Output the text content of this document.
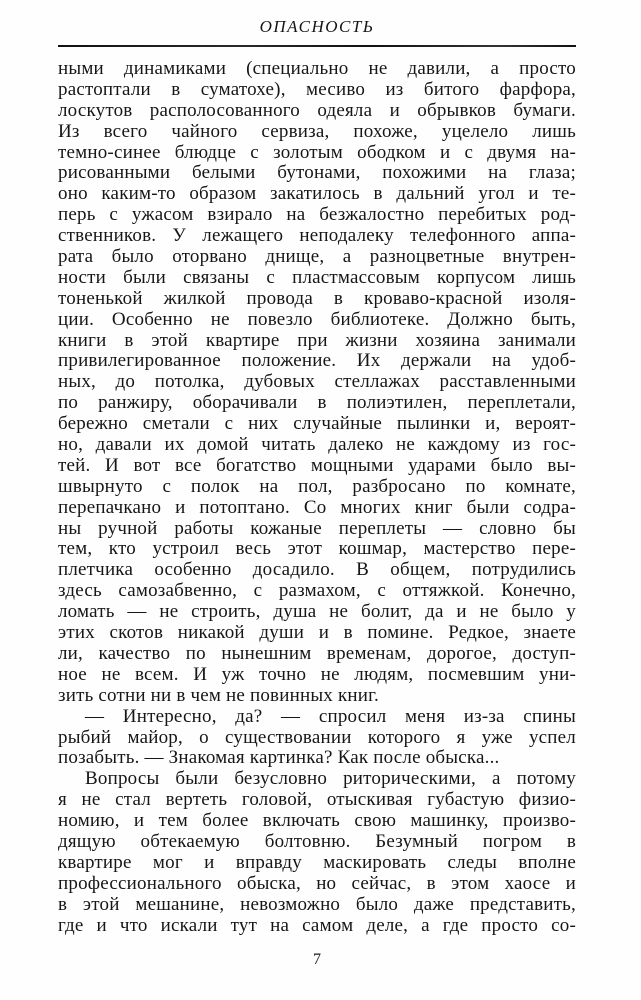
ОПАСНОСТЬ
ными динамиками (специально не давили, а просто
растоптали в суматохе), месиво из битого фарфора,
лоскутов располосованного одеяла и обрывков бумаги.
Из всего чайного сервиза, похоже, уцелело лишь
темно-синее блюдце с золотым ободком и с двумя на-
рисованными белыми бутонами, похожими на глаза;
оно каким-то образом закатилось в дальний угол и те-
перь с ужасом взирало на безжалостно перебитых род-
ственников. У лежащего неподалеку телефонного аппа-
рата было оторвано днище, а разноцветные внутрен-
ности были связаны с пластмассовым корпусом лишь
тоненькой жилкой провода в кроваво-красной изоля-
ции. Особенно не повезло библиотеке. Должно быть,
книги в этой квартире при жизни хозяина занимали
привилегированное положение. Их держали на удоб-
ных, до потолка, дубовых стеллажах расставленными
по ранжиру, оборачивали в полиэтилен, переплетали,
бережно сметали с них случайные пылинки и, вероят-
но, давали их домой читать далеко не каждому из гос-
тей. И вот все богатство мощными ударами было вы-
швырнуто с полок на пол, разбросано по комнате,
перепачкано и потоптано. Со многих книг были содра-
ны ручной работы кожаные переплеты — словно бы
тем, кто устроил весь этот кошмар, мастерство пере-
плетчика особенно досадило. В общем, потрудились
здесь самозабвенно, с размахом, с оттяжкой. Конечно,
ломать — не строить, душа не болит, да и не было у
этих скотов никакой души и в помине. Редкое, знаете
ли, качество по нынешним временам, дорогое, доступ-
ное не всем. И уж точно не людям, посмевшим уни-
зить сотни ни в чем не повинных книг.
— Интересно, да? — спросил меня из-за спины
рыбий майор, о существовании которого я уже успел
позабыть. — Знакомая картинка? Как после обыска...
Вопросы были безусловно риторическими, а потому
я не стал вертеть головой, отыскивая губастую физио-
номию, и тем более включать свою машинку, произво-
дящую обтекаемую болтовню. Безумный погром в
квартире мог и вправду маскировать следы вполне
профессионального обыска, но сейчас, в этом хаосе и
в этой мешанине, невозможно было даже представить,
где и что искали тут на самом деле, а где просто со-
7
